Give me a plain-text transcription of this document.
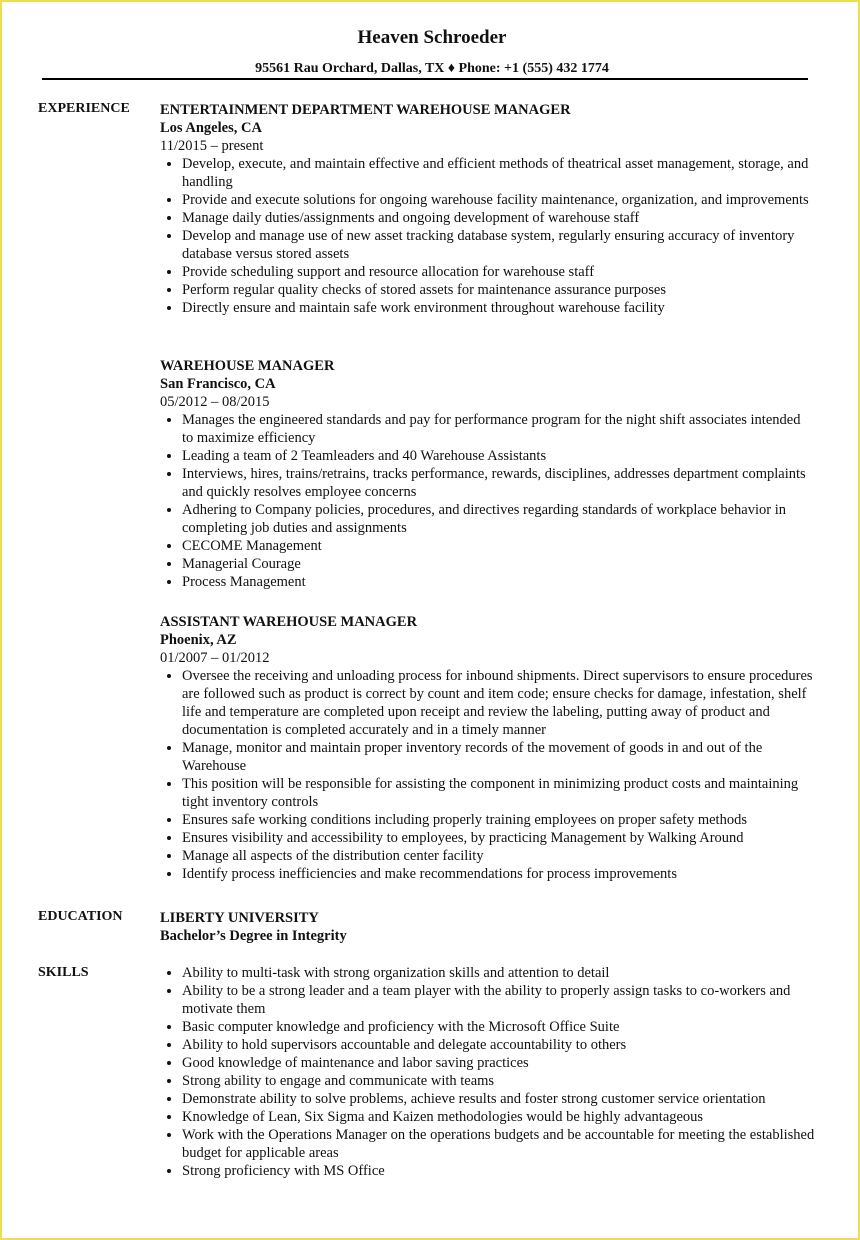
Heaven Schroeder
95561 Rau Orchard, Dallas, TX ♦ Phone: +1 (555) 432 1774
EXPERIENCE ENTERTAINMENT DEPARTMENT WAREHOUSE MANAGER
Los Angeles, CA
11/2015 – present
• Develop, execute, and maintain effective and efficient methods of theatrical asset management, storage, and handling
• Provide and execute solutions for ongoing warehouse facility maintenance, organization, and improvements
• Manage daily duties/assignments and ongoing development of warehouse staff
• Develop and manage use of new asset tracking database system, regularly ensuring accuracy of inventory database versus stored assets
• Provide scheduling support and resource allocation for warehouse staff
• Perform regular quality checks of stored assets for maintenance assurance purposes
• Directly ensure and maintain safe work environment throughout warehouse facility
WAREHOUSE MANAGER
San Francisco, CA
05/2012 – 08/2015
• Manages the engineered standards and pay for performance program for the night shift associates intended to maximize efficiency
• Leading a team of 2 Teamleaders and 40 Warehouse Assistants
• Interviews, hires, trains/retrains, tracks performance, rewards, disciplines, addresses department complaints and quickly resolves employee concerns
• Adhering to Company policies, procedures, and directives regarding standards of workplace behavior in completing job duties and assignments
• CECOME Management
• Managerial Courage
• Process Management
ASSISTANT WAREHOUSE MANAGER
Phoenix, AZ
01/2007 – 01/2012
• Oversee the receiving and unloading process for inbound shipments. Direct supervisors to ensure procedures are followed such as product is correct by count and item code; ensure checks for damage, infestation, shelf life and temperature are completed upon receipt and review the labeling, putting away of product and documentation is completed accurately and in a timely manner
• Manage, monitor and maintain proper inventory records of the movement of goods in and out of the Warehouse
• This position will be responsible for assisting the component in minimizing product costs and maintaining tight inventory controls
• Ensures safe working conditions including properly training employees on proper safety methods
• Ensures visibility and accessibility to employees, by practicing Management by Walking Around
• Manage all aspects of the distribution center facility
• Identify process inefficiencies and make recommendations for process improvements
EDUCATION	LIBERTY UNIVERSITY
Bachelor’s Degree in Integrity
SKILLS
•	Ability to multi-task with strong organization skills and attention to detail
• Ability to be a strong leader and a team player with the ability to properly assign tasks to co-workers and motivate them
• Basic computer knowledge and proficiency with the Microsoft Office Suite
• Ability to hold supervisors accountable and delegate accountability to others
• Good knowledge of maintenance and labor saving practices
• Strong ability to engage and communicate with teams
• Demonstrate ability to solve problems, achieve results and foster strong customer service orientation
• Knowledge of Lean, Six Sigma and Kaizen methodologies would be highly advantageous
• Work with the Operations Manager on the operations budgets and be accountable for meeting the established budget for applicable areas
• Strong proficiency with MS Office
